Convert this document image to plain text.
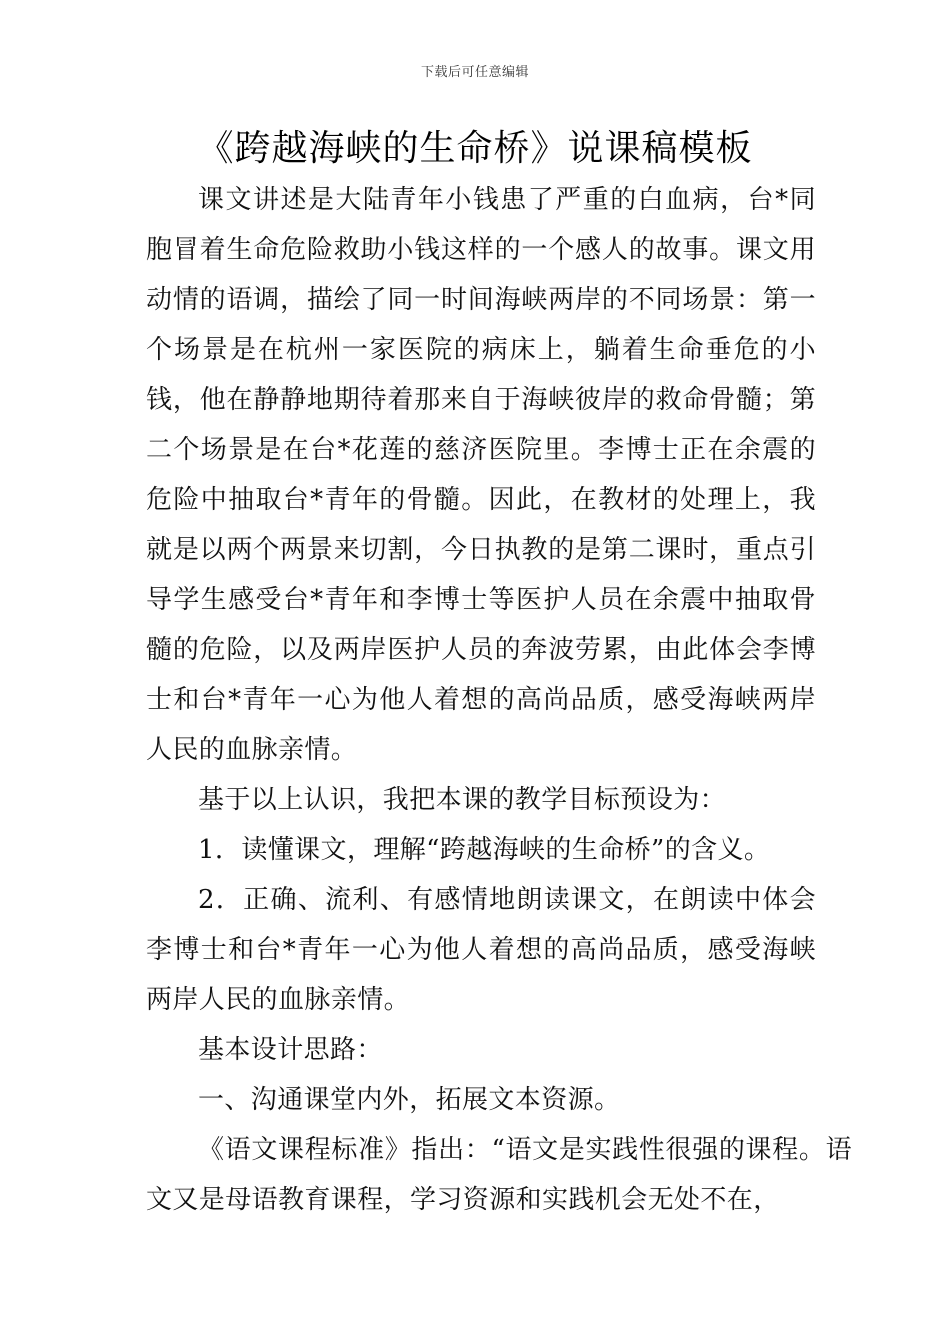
下载后可任意编辑
《跨越海峡的生命桥》说课稿模板

课文讲述是大陆青年小钱患了严重的白血病，台*同胞冒着生命危险救助小钱这样的一个感人的故事。课文用动情的语调，描绘了同一时间海峡两岸的不同场景：第一个场景是在杭州一家医院的病床上，躺着生命垂危的小钱，他在静静地期待着那来自于海峡彼岸的救命骨髓；第二个场景是在台*花莲的慈济医院里。李博士正在余震的危险中抽取台*青年的骨髓。因此，在教材的处理上，我就是以两个两景来切割，今日执教的是第二课时，重点引导学生感受台*青年和李博士等医护人员在余震中抽取骨髓的危险，以及两岸医护人员的奔波劳累，由此体会李博士和台*青年一心为他人着想的高尚品质，感受海峡两岸人民的血脉亲情。

基于以上认识，我把本课的教学目标预设为：

1．读懂课文，理解“跨越海峡的生命桥”的含义。

2．正确、流利、有感情地朗读课文，在朗读中体会李博士和台*青年一心为他人着想的高尚品质，感受海峡两岸人民的血脉亲情。

基本设计思路：

一、沟通课堂内外，拓展文本资源。

《语文课程标准》指出：“语文是实践性很强的课程。语文又是母语教育课程，学习资源和实践机会无处不在，
